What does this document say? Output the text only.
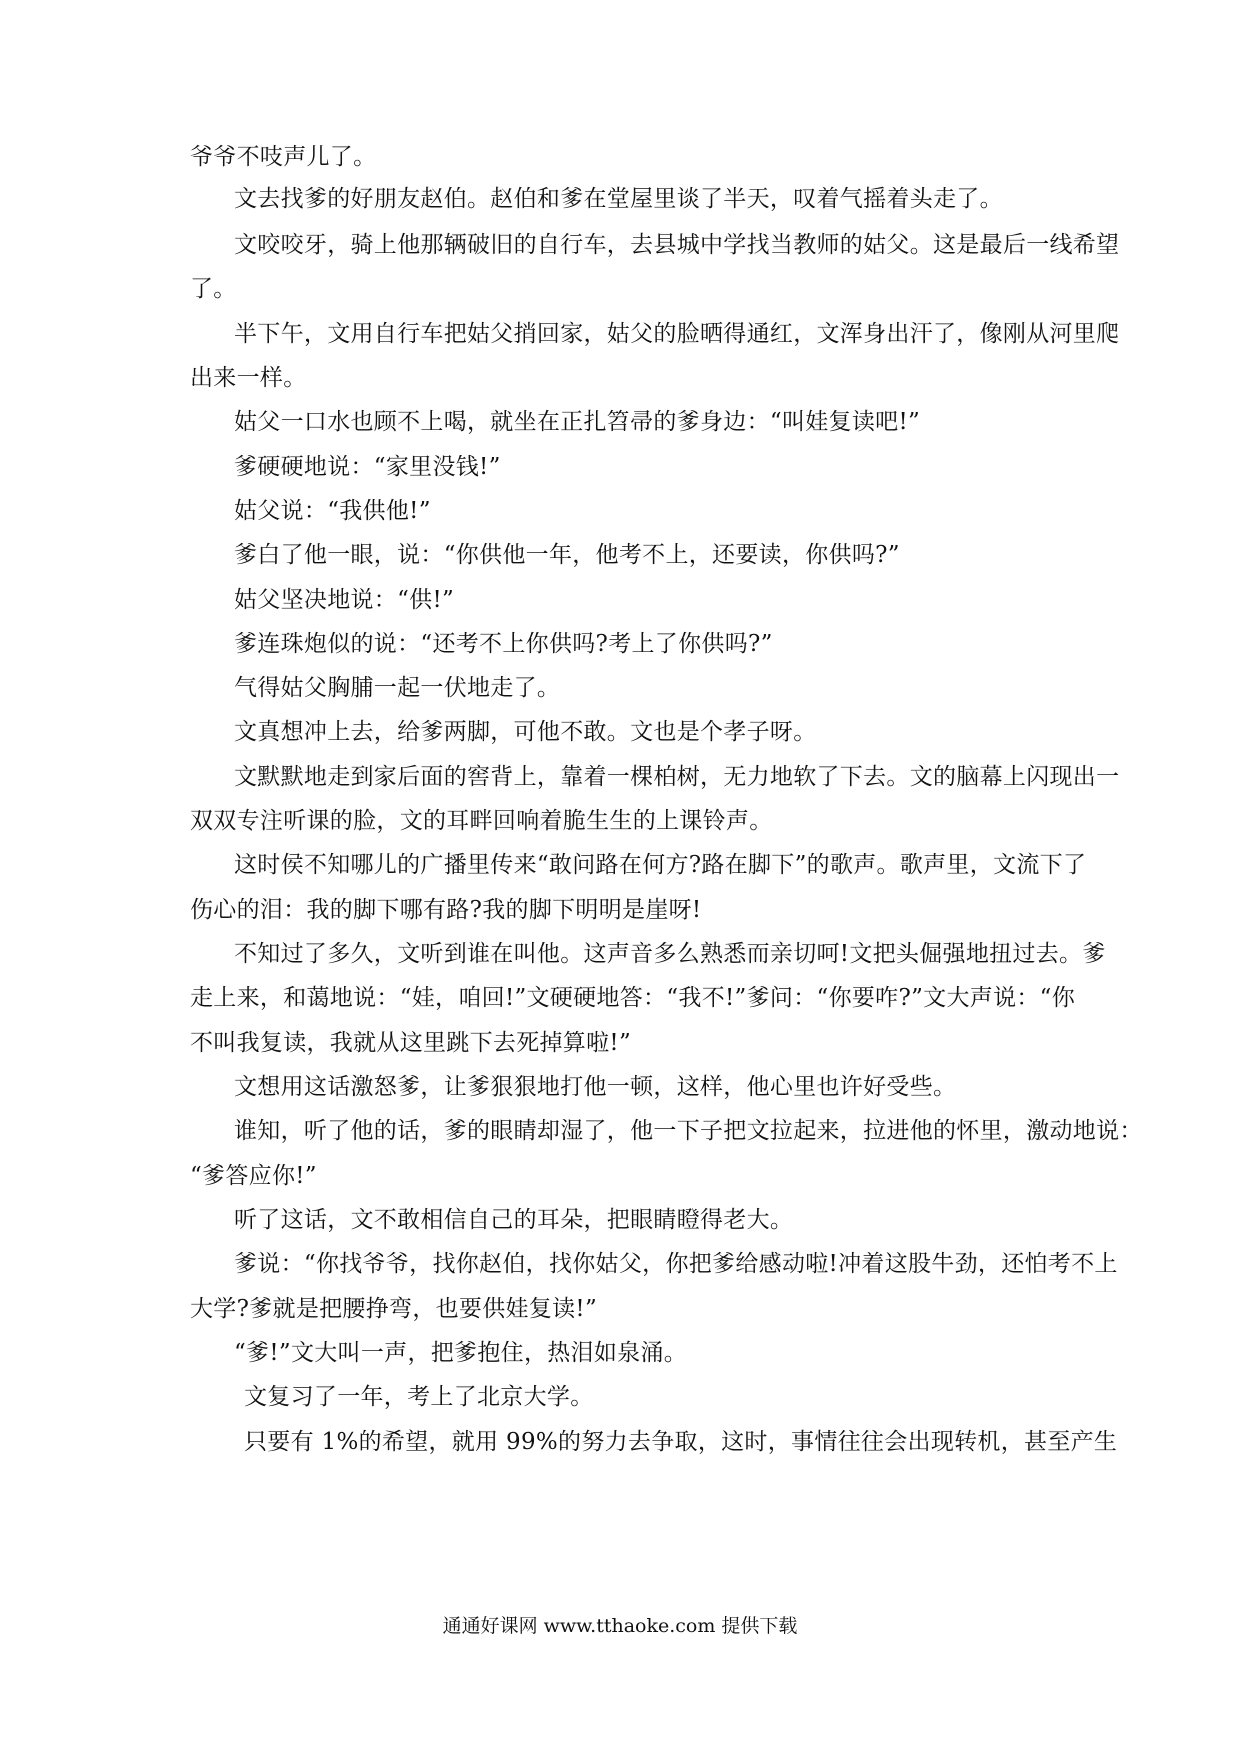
爷爷不吱声儿了。
文去找爹的好朋友赵伯。赵伯和爹在堂屋里谈了半天，叹着气摇着头走了。
文咬咬牙，骑上他那辆破旧的自行车，去县城中学找当教师的姑父。这是最后一线希望
了。
半下午，文用自行车把姑父捎回家，姑父的脸晒得通红，文浑身出汗了，像刚从河里爬
出来一样。
姑父一口水也顾不上喝，就坐在正扎笤帚的爹身边：“叫娃复读吧!”
爹硬硬地说：“家里没钱!”
姑父说：“我供他!”
爹白了他一眼，说：“你供他一年，他考不上，还要读，你供吗?”
姑父坚决地说：“供!”
爹连珠炮似的说：“还考不上你供吗?考上了你供吗?”
气得姑父胸脯一起一伏地走了。
文真想冲上去，给爹两脚，可他不敢。文也是个孝子呀。
文默默地走到家后面的窖背上，靠着一棵柏树，无力地软了下去。文的脑幕上闪现出一
双双专注听课的脸，文的耳畔回响着脆生生的上课铃声。
这时侯不知哪儿的广播里传来“敢问路在何方?路在脚下”的歌声。歌声里，文流下了
伤心的泪：我的脚下哪有路?我的脚下明明是崖呀!
不知过了多久，文听到谁在叫他。这声音多么熟悉而亲切呵!文把头倔强地扭过去。爹
走上来，和蔼地说：“娃，咱回!”文硬硬地答：“我不!”爹问：“你要咋?”文大声说：“你
不叫我复读，我就从这里跳下去死掉算啦!”
文想用这话激怒爹，让爹狠狠地打他一顿，这样，他心里也许好受些。
谁知，听了他的话，爹的眼睛却湿了，他一下子把文拉起来，拉进他的怀里，激动地说：
“爹答应你!”
听了这话，文不敢相信自己的耳朵，把眼睛瞪得老大。
爹说：“你找爷爷，找你赵伯，找你姑父，你把爹给感动啦!冲着这股牛劲，还怕考不上
大学?爹就是把腰挣弯，也要供娃复读!”
“爹!”文大叫一声，把爹抱住，热泪如泉涌。
文复习了一年，考上了北京大学。
只要有 1%的希望，就用 99%的努力去争取，这时，事情往往会出现转机，甚至产生
通通好课网 www.tthaoke.com 提供下载
